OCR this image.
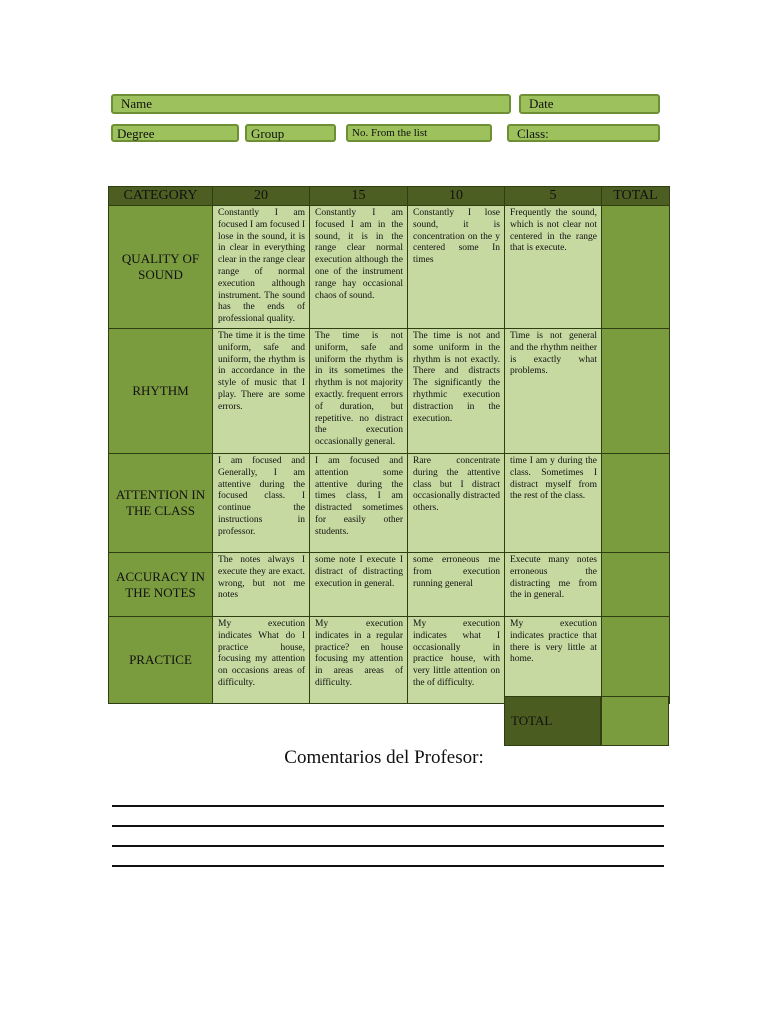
Name	Date
Degree	Group	No. From the list	Class:
CATEGORY	20	15	10	5	TOTAL
QUALITY OF SOUND	Constantly I am focused I am focused I lose in the sound, it is in clear in everything clear in the range clear range of normal execution although instrument. The sound has the ends of professional quality.	Constantly I am focused I am in the sound, it is in the range clear normal execution although the one of the instrument range hay occasional chaos of sound.	Constantly I lose sound, it is concentration on the y centered some In times	Frequently the sound, which is not clear not centered in the range that is execute.	
RHYTHM	The time it is the time uniform, safe and uniform, the rhythm is in accordance in the style of music that I play. There are some errors.	The time is not uniform, safe and uniform the rhythm is in its sometimes the rhythm is not majority exactly. frequent errors of duration, but repetitive. no distract the execution occasionally general.	The time is not and some uniform in the rhythm is not exactly. There and distracts The significantly the rhythmic execution distraction in the execution.	Time is not general and the rhythm neither is exactly what problems.	
ATTENTION IN THE CLASS	I am focused and Generally, I am attentive during the focused class. I continue the instructions in professor.	I am focused and attention some attentive during the times class, I am distracted sometimes for easily other students.	Rare concentrate during the attentive class but I distract occasionally distracted others.	time I am y during the class. Sometimes I distract myself from the rest of the class.	
ACCURACY IN THE NOTES	The notes always I execute they are exact. wrong, but not me notes	some note I execute I distract of distracting execution in general.	some erroneous me from execution running general	Execute many notes erroneous the distracting me from the in general.	
PRACTICE	My execution indicates What do I practice house, focusing my attention on occasions areas of difficulty.	My execution indicates in a regular practice? en house focusing my attention in areas areas of difficulty.	My execution indicates what I occasionally in practice house, with very little attention on the of difficulty.	My execution indicates practice that there is very little at home.	
TOTAL
Comentarios del Profesor:
